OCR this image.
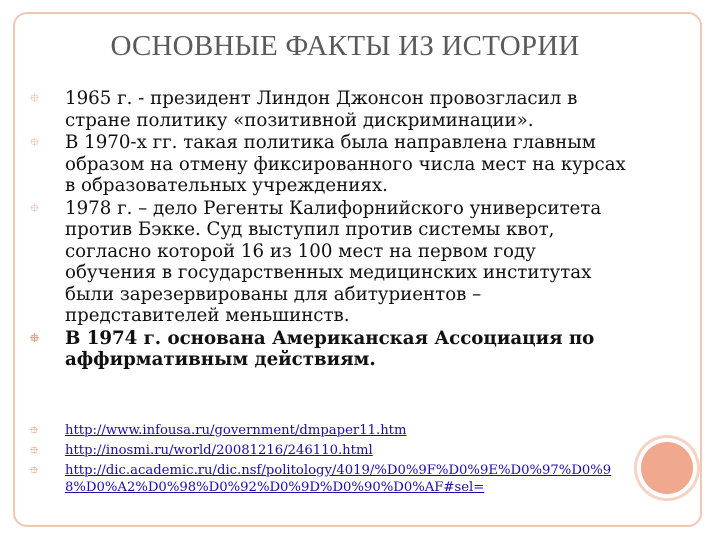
ОСНОВНЫЕ ФАКТЫ ИЗ ИСТОРИИ
⯐ 1965 г. - президент Линдон Джонсон провозгласил в стране политику «позитивной дискриминации».
⯐ В 1970-х гг. такая политика была направлена главным образом на отмену фиксированного числа мест на курсах в образовательных учреждениях.
⯐ 1978 г. – дело Регенты Калифорнийского университета против Бэкке. Суд выступил против системы квот, согласно которой 16 из 100 мест на первом году обучения в государственных медицинских институтах были зарезервированы для абитуриентов – представителей меньшинств.
⯐ В 1974 г. основана Американская Ассоциация по аффирмативным действиям.
⯐ http://www.infousa.ru/government/dmpaper11.htm
⯐ http://inosmi.ru/world/20081216/246110.html
⯐ http://dic.academic.ru/dic.nsf/politology/4019/%D0%9F%D0%9E%D0%97%D0%98%D0%A2%D0%98%D0%92%D0%9D%D0%90%D0%AF#sel=
